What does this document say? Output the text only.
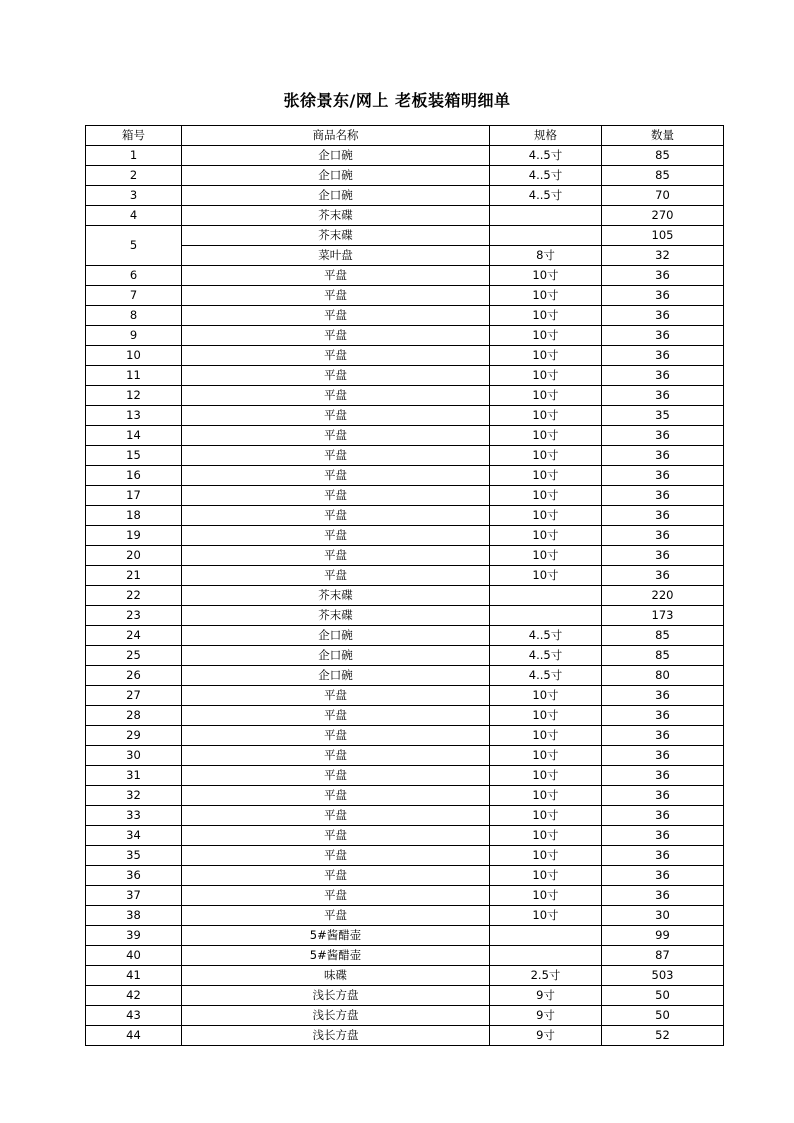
张徐景东/网上 老板装箱明细单
箱号	商品名称	规格	数量
1	企口碗	4..5寸	85
2	企口碗	4..5寸	85
3	企口碗	4..5寸	70
4	芥末碟		270
5	芥末碟		105
	菜叶盘	8寸	32
6	平盘	10寸	36
7	平盘	10寸	36
8	平盘	10寸	36
9	平盘	10寸	36
10	平盘	10寸	36
11	平盘	10寸	36
12	平盘	10寸	36
13	平盘	10寸	35
14	平盘	10寸	36
15	平盘	10寸	36
16	平盘	10寸	36
17	平盘	10寸	36
18	平盘	10寸	36
19	平盘	10寸	36
20	平盘	10寸	36
21	平盘	10寸	36
22	芥末碟		220
23	芥末碟		173
24	企口碗	4..5寸	85
25	企口碗	4..5寸	85
26	企口碗	4..5寸	80
27	平盘	10寸	36
28	平盘	10寸	36
29	平盘	10寸	36
30	平盘	10寸	36
31	平盘	10寸	36
32	平盘	10寸	36
33	平盘	10寸	36
34	平盘	10寸	36
35	平盘	10寸	36
36	平盘	10寸	36
37	平盘	10寸	36
38	平盘	10寸	30
39	5#酱醋壶		99
40	5#酱醋壶		87
41	味碟	2.5寸	503
42	浅长方盘	9寸	50
43	浅长方盘	9寸	50
44	浅长方盘	9寸	52
